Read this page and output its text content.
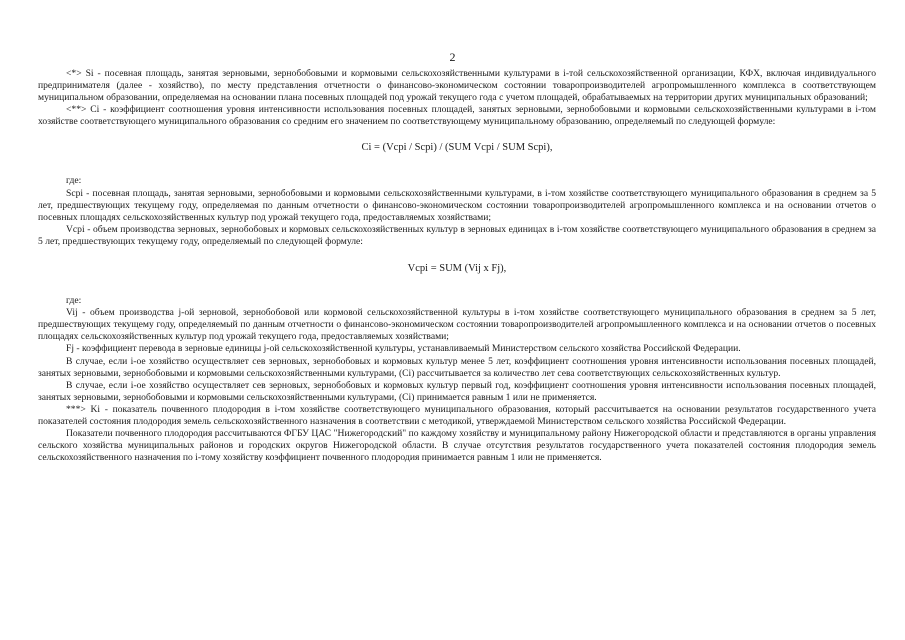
2

<*> Si - посевная площадь, занятая зерновыми, зернобобовыми и кормовыми сельскохозяйственными культурами в i-той сельскохозяйственной организации, КФХ, включая индивидуального предпринимателя (далее - хозяйство), по месту представления отчетности о финансово-экономическом состоянии товаропроизводителей агропромышленного комплекса в соответствующем муниципальном образовании, определяемая на основании плана посевных площадей под урожай текущего года с учетом площадей, обрабатываемых на территории других муниципальных образований;

<**> Ci - коэффициент соотношения уровня интенсивности использования посевных площадей, занятых зерновыми, зернобобовыми и кормовыми сельскохозяйственными культурами в i-том хозяйстве соответствующего муниципального образования со средним его значением по соответствующему муниципальному образованию, определяемый по следующей формуле:

Ci = (Vcpi / Scpi) / (SUM Vcpi / SUM Scpi),

где:

Scpi - посевная площадь, занятая зерновыми, зернобобовыми и кормовыми сельскохозяйственными культурами, в i-том хозяйстве соответствующего муниципального образования в среднем за 5 лет, предшествующих текущему году, определяемая по данным отчетности о финансово-экономическом состоянии товаропроизводителей агропромышленного комплекса и на основании отчетов о посевных площадях сельскохозяйственных культур под урожай текущего года, предоставляемых хозяйствами;

Vcpi - объем производства зерновых, зернобобовых и кормовых сельскохозяйственных культур в зерновых единицах в i-том хозяйстве соответствующего муниципального образования в среднем за 5 лет, предшествующих текущему году, определяемый по следующей формуле:

Vcpi = SUM (Vij x Fj),

где:

Vij - объем производства j-ой зерновой, зернобобовой или кормовой сельскохозяйственной культуры в i-том хозяйстве соответствующего муниципального образования в среднем за 5 лет, предшествующих текущему году, определяемый по данным отчетности о финансово-экономическом состоянии товаропроизводителей агропромышленного комплекса и на основании отчетов о посевных площадях сельскохозяйственных культур под урожай текущего года, предоставляемых хозяйствами;

Fj - коэффициент перевода в зерновые единицы j-ой сельскохозяйственной культуры, устанавливаемый Министерством сельского хозяйства Российской Федерации.

В случае, если i-ое хозяйство осуществляет сев зерновых, зернобобовых и кормовых культур менее 5 лет, коэффициент соотношения уровня интенсивности использования посевных площадей, занятых зерновыми, зернобобовыми и кормовыми сельскохозяйственными культурами, (Ci) рассчитывается за количество лет сева соответствующих сельскохозяйственных культур.

В случае, если i-ое хозяйство осуществляет сев зерновых, зернобобовых и кормовых культур первый год, коэффициент соотношения уровня интенсивности использования посевных площадей, занятых зерновыми, зернобобовыми и кормовыми сельскохозяйственными культурами, (Ci) принимается равным 1 или не применяется.

***> Ki - показатель почвенного плодородия в i-том хозяйстве соответствующего муниципального образования, который рассчитывается на основании результатов государственного учета показателей состояния плодородия земель сельскохозяйственного назначения в соответствии с методикой, утверждаемой Министерством сельского хозяйства Российской Федерации.

Показатели почвенного плодородия рассчитываются ФГБУ ЦАС "Нижегородский" по каждому хозяйству и муниципальному району Нижегородской области и представляются в органы управления сельского хозяйства муниципальных районов и городских округов Нижегородской области. В случае отсутствия результатов государственного учета показателей состояния плодородия земель сельскохозяйственного назначения по i-тому хозяйству коэффициент почвенного плодородия принимается равным 1 или не применяется.
